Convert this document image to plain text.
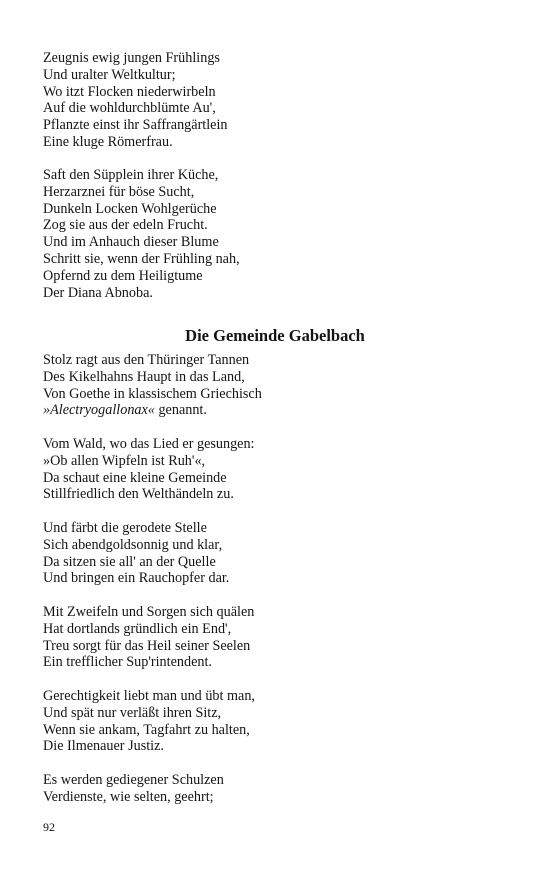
Zeugnis ewig jungen Frühlings
Und uralter Weltkultur;
Wo itzt Flocken niederwirbeln
Auf die wohldurchblümte Au',
Pflanzte einst ihr Saffrangärtlein
Eine kluge Römerfrau.
Saft den Süpplein ihrer Küche,
Herzarznei für böse Sucht,
Dunkeln Locken Wohlgerüche
Zog sie aus der edeln Frucht.
Und im Anhauch dieser Blume
Schritt sie, wenn der Frühling nah,
Opfernd zu dem Heiligtume
Der Diana Abnoba.
Die Gemeinde Gabelbach
Stolz ragt aus den Thüringer Tannen
Des Kikelhahns Haupt in das Land,
Von Goethe in klassischem Griechisch
»Alectryogallonax« genannt.
Vom Wald, wo das Lied er gesungen:
»Ob allen Wipfeln ist Ruh'«,
Da schaut eine kleine Gemeinde
Stillfriedlich den Welthändeln zu.
Und färbt die gerodete Stelle
Sich abendgoldsonnig und klar,
Da sitzen sie all' an der Quelle
Und bringen ein Rauchopfer dar.
Mit Zweifeln und Sorgen sich quälen
Hat dortlands gründlich ein End',
Treu sorgt für das Heil seiner Seelen
Ein trefflicher Sup'rintendent.
Gerechtigkeit liebt man und übt man,
Und spät nur verläßt ihren Sitz,
Wenn sie ankam, Tagfahrt zu halten,
Die Ilmenauer Justiz.
Es werden gediegener Schulzen
Verdienste, wie selten, geehrt;
92
